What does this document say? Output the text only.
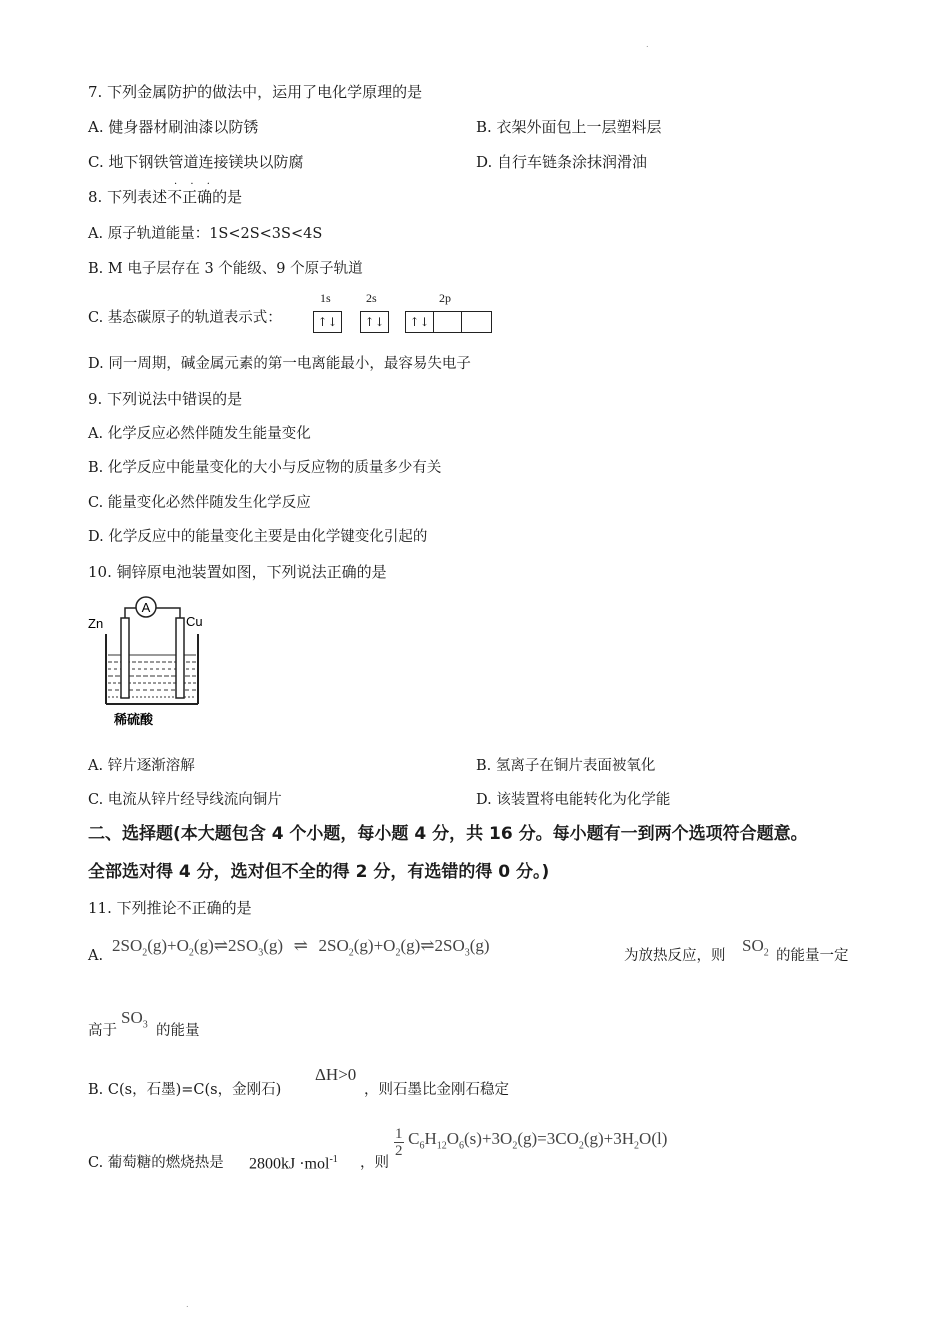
.
7. 下列金属防护的做法中，运用了电化学原理的是
A. 健身器材刷油漆以防锈	B. 衣架外面包上一层塑料层
C. 地下钢铁管道连接镁块以防腐	D. 自行车链条涂抹润滑油
· · ·
8. 下列表述不正确的是
A. 原子轨道能量：1S<2S<3S<4S
B. M 电子层存在 3 个能级、9 个原子轨道
C. 基态碳原子的轨道表示式：
1s	2s	2p
↑↓ ↑↓ ↑↓
D. 同一周期，碱金属元素的第一电离能最小，最容易失电子
9. 下列说法中错误的是
A. 化学反应必然伴随发生能量变化
B. 化学反应中能量变化的大小与反应物的质量多少有关
C. 能量变化必然伴随发生化学反应
D. 化学反应中的能量变化主要是由化学键变化引起的
10. 铜锌原电池装置如图，下列说法正确的是
A
Zn	Cu
稀硫酸
A. 锌片逐渐溶解	B. 氢离子在铜片表面被氧化
C. 电流从锌片经导线流向铜片	D. 该装置将电能转化为化学能
二、选择题(本大题包含 4 个小题，每小题 4 分，共 16 分。每小题有一到两个选项符合题意。
全部选对得 4 分，选对但不全的得 2 分，有选错的得 0 分。)
11. 下列推论不正确的是
A.
$2SO_2(g)+O_2(g)\rightleftharpoons 2SO_3(g)$ ⇌ $2SO_2(g)+O_2(g)\rightleftharpoons 2SO_3(g)$
为放热反应，则
$SO_2$ 的能量一定
高于
$SO_3$ 的能量
B. C(s，石墨)=C(s，金刚石)
ΔH>0
，则石墨比金刚石稳定
C. 葡萄糖的燃烧热是 2800kJ ·mol$^{-1}$ ，则
$\frac{1}{2} C_6H_{12}O_6(s)+3O_2(g)=3CO_2(g)+3H_2O(l)$
.
